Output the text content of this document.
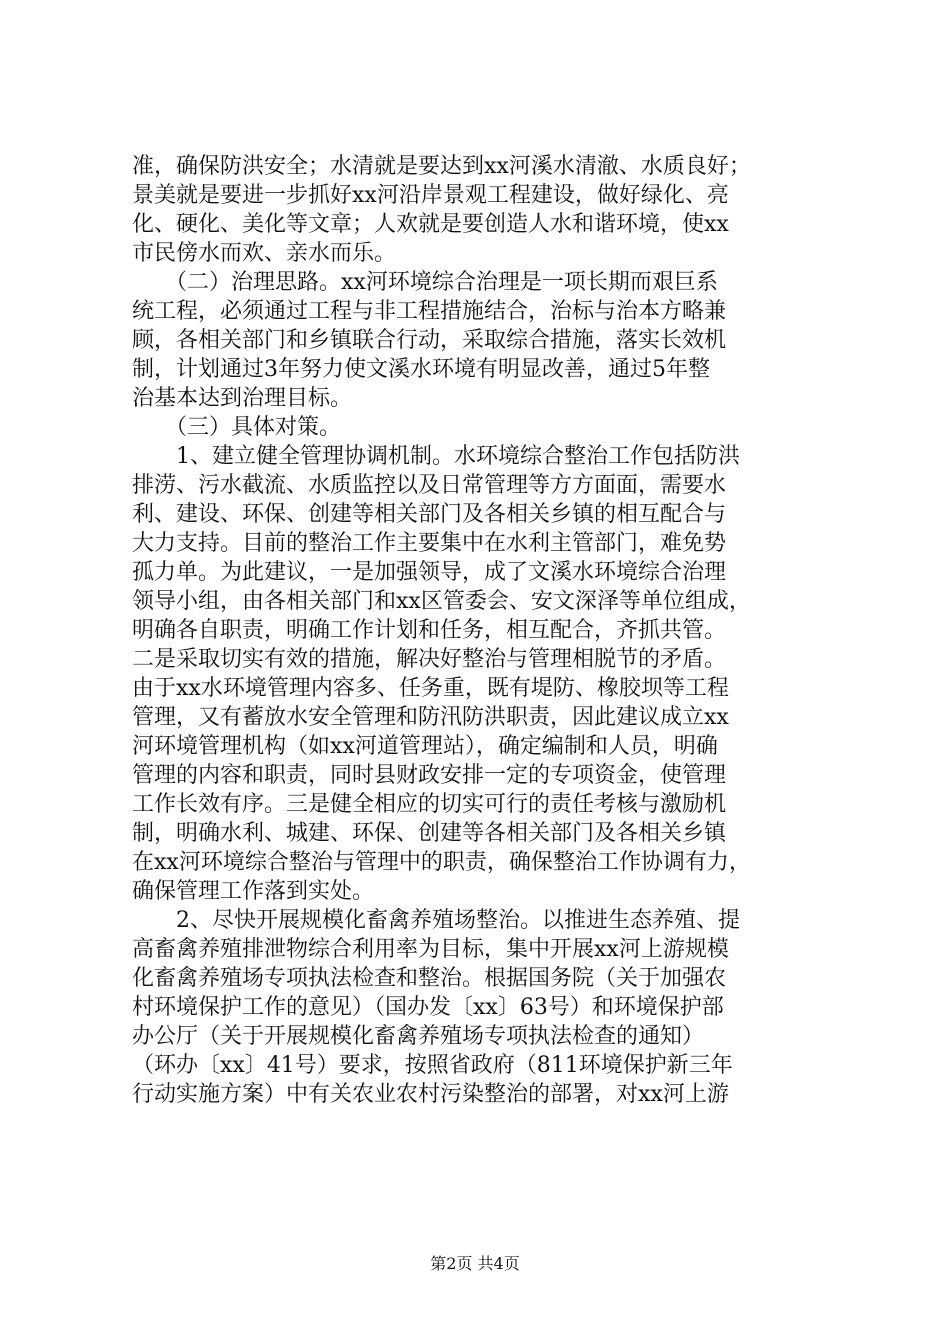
准，确保防洪安全；水清就是要达到xx河溪水清澈、水质良好；
景美就是要进一步抓好xx河沿岸景观工程建设，做好绿化、亮
化、硬化、美化等文章；人欢就是要创造人水和谐环境，使xx
市民傍水而欢、亲水而乐。
　　（二）治理思路。xx河环境综合治理是一项长期而艰巨系
统工程，必须通过工程与非工程措施结合，治标与治本方略兼
顾，各相关部门和乡镇联合行动，采取综合措施，落实长效机
制，计划通过3年努力使文溪水环境有明显改善，通过5年整
治基本达到治理目标。
　　（三）具体对策。
　　1、建立健全管理协调机制。水环境综合整治工作包括防洪
排涝、污水截流、水质监控以及日常管理等方方面面，需要水
利、建设、环保、创建等相关部门及各相关乡镇的相互配合与
大力支持。目前的整治工作主要集中在水利主管部门，难免势
孤力单。为此建议，一是加强领导，成了文溪水环境综合治理
领导小组，由各相关部门和xx区管委会、安文深泽等单位组成，
明确各自职责，明确工作计划和任务，相互配合，齐抓共管。
二是采取切实有效的措施，解决好整治与管理相脱节的矛盾。
由于xx水环境管理内容多、任务重，既有堤防、橡胶坝等工程
管理，又有蓄放水安全管理和防汛防洪职责，因此建议成立xx
河环境管理机构（如xx河道管理站），确定编制和人员，明确
管理的内容和职责，同时县财政安排一定的专项资金，使管理
工作长效有序。三是健全相应的切实可行的责任考核与激励机
制，明确水利、城建、环保、创建等各相关部门及各相关乡镇
在xx河环境综合整治与管理中的职责，确保整治工作协调有力，
确保管理工作落到实处。
　　2、尽快开展规模化畜禽养殖场整治。以推进生态养殖、提
高畜禽养殖排泄物综合利用率为目标，集中开展xx河上游规模
化畜禽养殖场专项执法检查和整治。根据国务院（关于加强农
村环境保护工作的意见）（国办发〔xx〕63号）和环境保护部
办公厅（关于开展规模化畜禽养殖场专项执法检查的通知）
（环办〔xx〕41号）要求，按照省政府（811环境保护新三年
行动实施方案）中有关农业农村污染整治的部署，对xx河上游
第2页 共4页
